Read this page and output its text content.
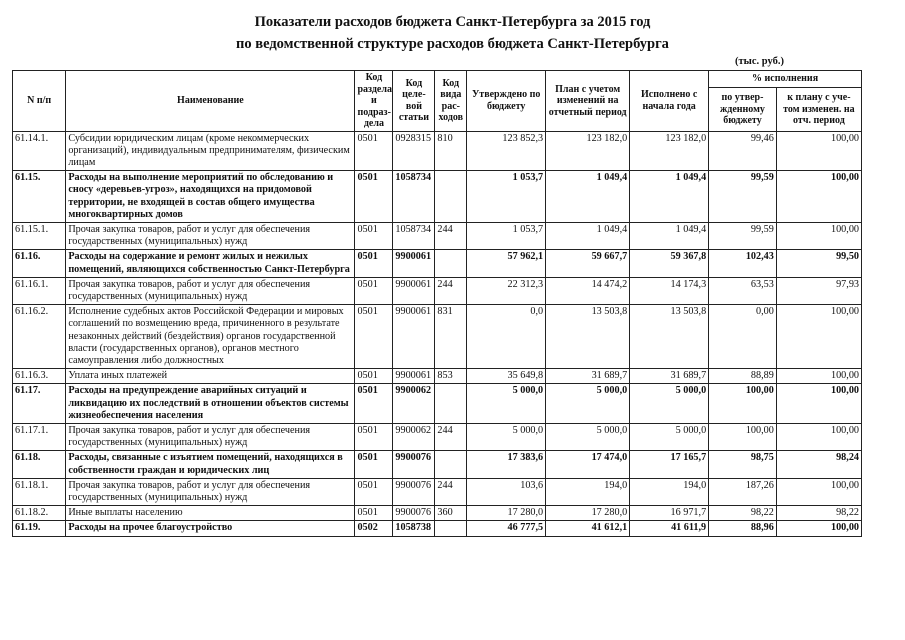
Показатели расходов бюджета Санкт-Петербурга за 2015 год
по ведомственной структуре расходов бюджета Санкт-Петербурга
(тыс. руб.)
N п/п	Наименование	Код раздела и подраз- дела	Код целе- вой статьи	Код вида рас- ходов	Утверждено по бюджету	План с учетом изменений на отчетный период	Исполнено с начала года	% исполнения	
								по утвер- жденному бюджету	к плану с уче- том изменен. на отч. период
61.14.1.	Субсидии юридическим лицам (кроме некоммерческих организаций), индивидуальным предпринимателям, физическим лицам	0501	0928315	810	123 852,3	123 182,0	123 182,0	99,46	100,00
61.15.	Расходы на выполнение мероприятий по обследованию и сносу «деревьев-угроз», находящихся на придомовой территории, не входящей в состав общего имущества многоквартирных домов	0501	1058734		1 053,7	1 049,4	1 049,4	99,59	100,00
61.15.1.	Прочая закупка товаров, работ и услуг для обеспечения государственных (муниципальных) нужд	0501	1058734	244	1 053,7	1 049,4	1 049,4	99,59	100,00
61.16.	Расходы на содержание и ремонт жилых и нежилых помещений, являющихся собственностью Санкт-Петербурга	0501	9900061		57 962,1	59 667,7	59 367,8	102,43	99,50
61.16.1.	Прочая закупка товаров, работ и услуг для обеспечения государственных (муниципальных) нужд	0501	9900061	244	22 312,3	14 474,2	14 174,3	63,53	97,93
61.16.2.	Исполнение судебных актов Российской Федерации и мировых соглашений по возмещению вреда, причиненного в результате незаконных действий (бездействия) органов государственной власти (государственных органов), органов местного самоуправления либо должностных	0501	9900061	831	0,0	13 503,8	13 503,8	0,00	100,00
61.16.3.	Уплата иных платежей	0501	9900061	853	35 649,8	31 689,7	31 689,7	88,89	100,00
61.17.	Расходы на предупреждение аварийных ситуаций и ликвидацию их последствий в отношении объектов системы жизнеобеспечения населения	0501	9900062		5 000,0	5 000,0	5 000,0	100,00	100,00
61.17.1.	Прочая закупка товаров, работ и услуг для обеспечения государственных (муниципальных) нужд	0501	9900062	244	5 000,0	5 000,0	5 000,0	100,00	100,00
61.18.	Расходы, связанные с изъятием помещений, находящихся в собственности граждан и юридических лиц	0501	9900076		17 383,6	17 474,0	17 165,7	98,75	98,24
61.18.1.	Прочая закупка товаров, работ и услуг для обеспечения государственных (муниципальных) нужд	0501	9900076	244	103,6	194,0	194,0	187,26	100,00
61.18.2.	Иные выплаты населению	0501	9900076	360	17 280,0	17 280,0	16 971,7	98,22	98,22
61.19.	Расходы на прочее благоустройство	0502	1058738		46 777,5	41 612,1	41 611,9	88,96	100,00
